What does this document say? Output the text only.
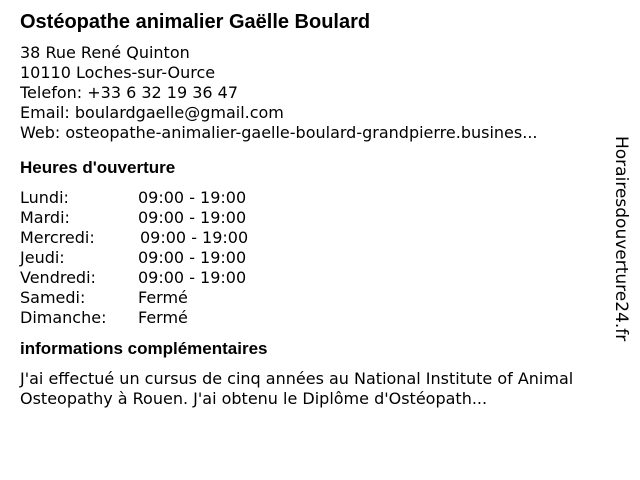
Ostéopathe animalier Gaëlle Boulard
38 Rue René Quinton
10110 Loches-sur-Ource
Telefon: +33 6 32 19 36 47
Email: boulardgaelle@gmail.com
Web: osteopathe-animalier-gaelle-boulard-grandpierre.busines...
Heures d'ouverture
Lundi:	09:00 - 19:00
Mardi:	09:00 - 19:00
Mercredi:	09:00 - 19:00
Jeudi:	09:00 - 19:00
Vendredi:	09:00 - 19:00
Samedi:	Fermé
Dimanche:	Fermé
informations complémentaires
J'ai effectué un cursus de cinq années au National Institute of Animal Osteopathy à Rouen. J'ai obtenu le Diplôme d'Ostéopath...
Horairesdouverture24.fr
